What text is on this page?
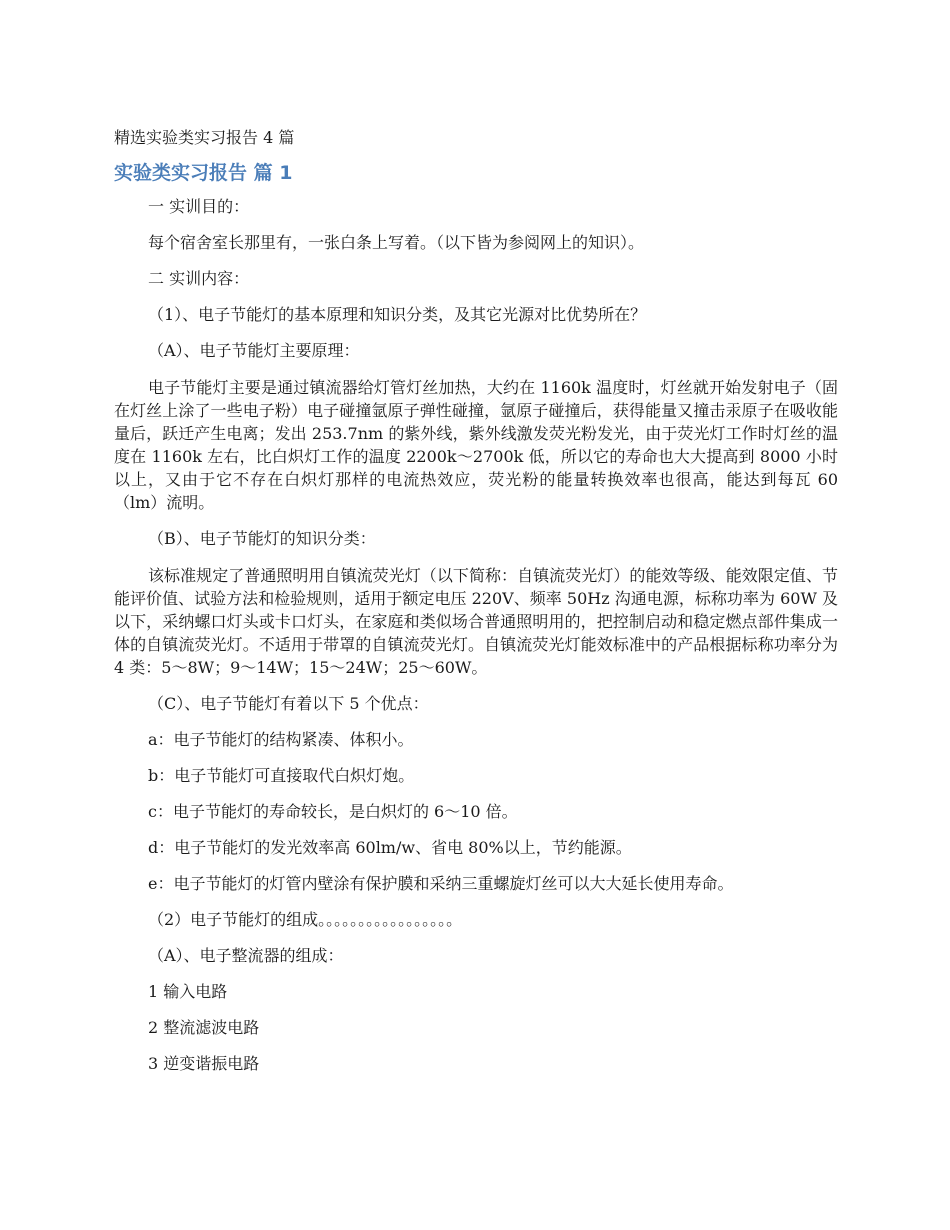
精选实验类实习报告 4 篇
实验类实习报告 篇 1

一 实训目的：

每个宿舍室长那里有，一张白条上写着。（以下皆为参阅网上的知识）。

二 实训内容：

（1）、电子节能灯的基本原理和知识分类，及其它光源对比优势所在？

（A）、电子节能灯主要原理：

电子节能灯主要是通过镇流器给灯管灯丝加热，大约在 1160k 温度时，灯丝就开始发射电子（固在灯丝上涂了一些电子粉）电子碰撞氩原子弹性碰撞，氩原子碰撞后，获得能量又撞击汞原子在吸收能量后，跃迁产生电离；发出 253.7nm 的紫外线，紫外线激发荧光粉发光，由于荧光灯工作时灯丝的温度在 1160k 左右，比白炽灯工作的温度 2200k～2700k 低，所以它的寿命也大大提高到 8000 小时以上，又由于它不存在白炽灯那样的电流热效应，荧光粉的能量转换效率也很高，能达到每瓦 60（lm）流明。

（B）、电子节能灯的知识分类：

该标准规定了普通照明用自镇流荧光灯（以下简称：自镇流荧光灯）的能效等级、能效限定值、节能评价值、试验方法和检验规则，适用于额定电压 220V、频率 50Hz 沟通电源，标称功率为 60W 及以下，采纳螺口灯头或卡口灯头，在家庭和类似场合普通照明用的，把控制启动和稳定燃点部件集成一体的自镇流荧光灯。不适用于带罩的自镇流荧光灯。自镇流荧光灯能效标准中的产品根据标称功率分为 4 类：5～8W；9～14W；15～24W；25～60W。

（C）、电子节能灯有着以下 5 个优点：

a：电子节能灯的结构紧凑、体积小。

b：电子节能灯可直接取代白炽灯炮。

c：电子节能灯的寿命较长，是白炽灯的 6～10 倍。

d：电子节能灯的发光效率高 60lm/w、省电 80%以上，节约能源。

e：电子节能灯的灯管内壁涂有保护膜和采纳三重螺旋灯丝可以大大延长使用寿命。

（2）电子节能灯的组成。。。。。。。。。。。。。。。。。

（A）、电子整流器的组成：

1 输入电路

2 整流滤波电路

3 逆变谐振电路
